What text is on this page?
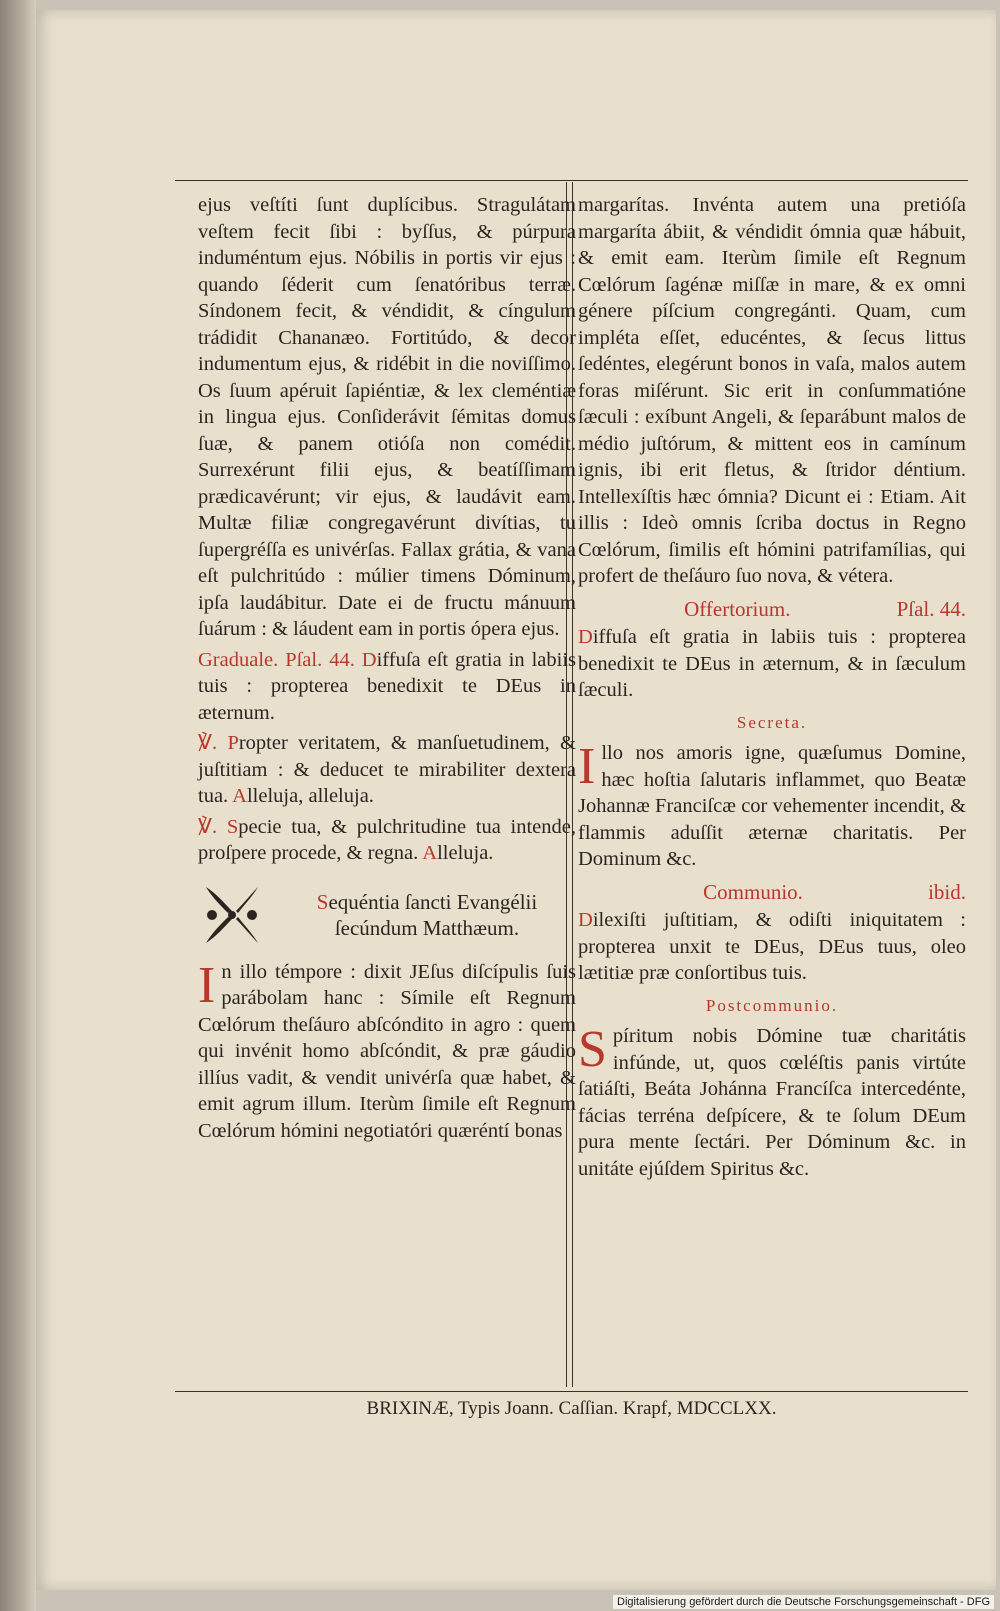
ejus veſtíti ſunt duplícibus. Stragulátam veſtem fecit ſibi : byſſus, & púrpura induméntum ejus. Nóbilis in portis vir ejus : quando ſéderit cum ſenatóribus terræ. Síndonem fecit, & véndidit, & cíngulum trádidit Chananæo. Fortitúdo, & decor indumentum ejus, & ridébit in die noviſſimo. Os ſuum apéruit ſapiéntiæ, & lex cleméntiæ in lingua ejus. Conſiderávit ſémitas domus ſuæ, & panem otióſa non comédit. Surrexérunt filii ejus, & beatíſſimam prædicavérunt; vir ejus, & laudávit eam. Multæ filiæ congregavérunt divítias, tu ſupergréſſa es univérſas. Fallax grátia, & vana eſt pulchritúdo : múlier timens Dóminum, ipſa laudábitur. Date ei de fructu mánuum ſuárum : & láudent eam in portis ópera ejus.

Graduale. Pſal. 44. Diffuſa eſt gratia in labiis tuis : propterea benedixit te DEus in æternum.

℣. Propter veritatem, & manſuetudinem, & juſtitiam : & deducet te mirabiliter dextera tua. Alleluja, alleluja.

℣. Specie tua, & pulchritudine tua intende, proſpere procede, & regna. Alleluja.

Sequéntia ſancti Evangélii
ſecúndum Matthæum.

In illo témpore : dixit JEſus diſcípulis ſuis parábolam hanc : Símile eſt Regnum Cœlórum theſáuro abſcóndito in agro : quem qui invénit homo abſcóndit, & præ gáudio illíus vadit, & vendit univérſa quæ habet, & emit agrum illum. Iterùm ſimile eſt Regnum Cœlórum hómini negotiatóri quæréntí bonas

margarítas. Invénta autem una pretióſa margaríta ábiit, & véndidit ómnia quæ hábuit, & emit eam. Iterùm ſimile eſt Regnum Cœlórum ſagénæ miſſæ in mare, & ex omni génere píſcium congregánti. Quam, cum impléta eſſet, educéntes, & ſecus littus ſedéntes, elegérunt bonos in vaſa, malos autem foras miſérunt. Sic erit in conſummatióne ſæculi : exíbunt Angeli, & ſeparábunt malos de médio juſtórum, & mittent eos in camínum ignis, ibi erit fletus, & ſtridor déntium. Intellexíſtis hæc ómnia? Dicunt ei : Etiam. Ait illis : Ideò omnis ſcriba doctus in Regno Cœlórum, ſimilis eſt hómini patrifamílias, qui profert de theſáuro ſuo nova, & vétera.

Offertorium.	Pſal. 44.

Diffuſa eſt gratia in labiis tuis : propterea benedixit te DEus in æternum, & in ſæculum ſæculi.

Secreta.

Illo nos amoris igne, quæſumus Domine, hæc hoſtia ſalutaris inflammet, quo Beatæ Johannæ Franciſcæ cor vehementer incendit, & flammis aduſſit æternæ charitatis. Per Dominum &c.

Communio.	ibid.

Dilexiſti juſtitiam, & odiſti iniquitatem : propterea unxit te DEus, DEus tuus, oleo lætitiæ præ conſortibus tuis.

Postcommunio.

Spíritum nobis Dómine tuæ charitátis infúnde, ut, quos cœléſtis panis virtúte ſatiáſti, Beáta Johánna Francíſca intercedénte, fácias terréna deſpícere, & te ſolum DEum pura mente ſectári. Per Dóminum &c. in unitáte ejúſdem Spiritus &c.

BRIXINÆ, Typis Joann. Caſſian. Krapf, MDCCLXX.
Digitalisierung gefördert durch die Deutsche Forschungsgemeinschaft - DFG
